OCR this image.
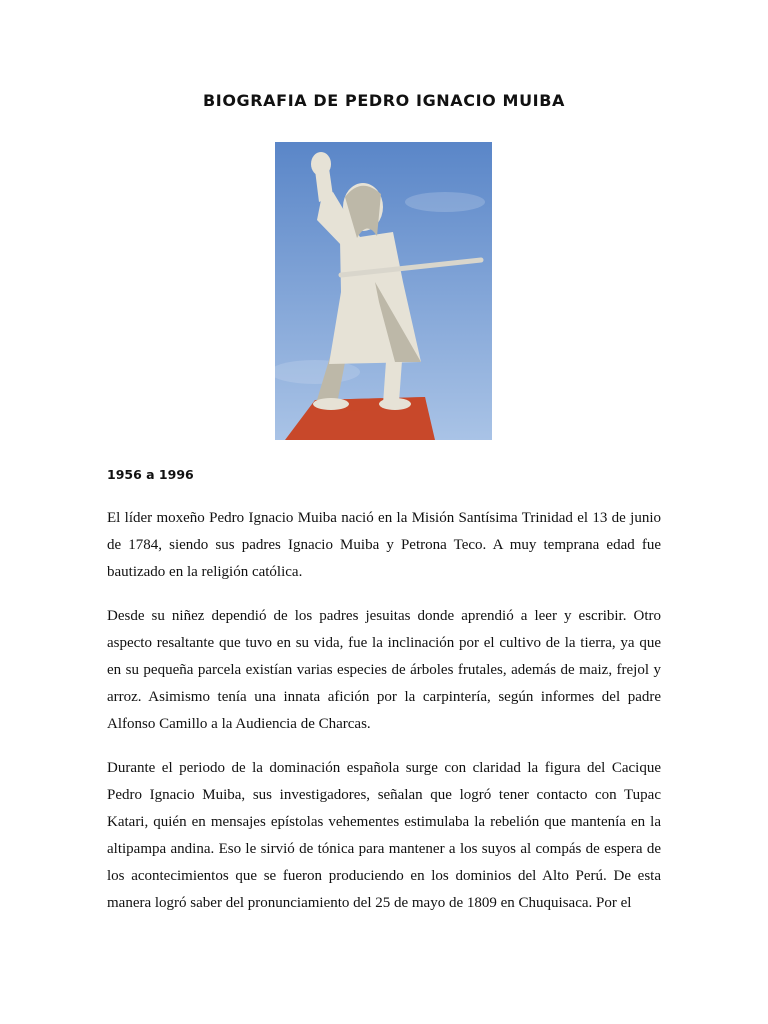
BIOGRAFIA DE PEDRO IGNACIO MUIBA

1956 a 1996

El líder moxeño Pedro Ignacio Muiba nació en la Misión Santísima Trinidad el 13 de junio de 1784, siendo sus padres Ignacio Muiba y Petrona Teco. A muy temprana edad fue bautizado en la religión católica.

Desde su niñez dependió de los padres jesuitas donde aprendió a leer y escribir. Otro aspecto resaltante que tuvo en su vida, fue la inclinación por el cultivo de la tierra, ya que en su pequeña parcela existían varias especies de árboles frutales, además de maiz, frejol y arroz. Asimismo tenía una innata afición por la carpintería, según informes del padre Alfonso Camillo a la Audiencia de Charcas.

Durante el periodo de la dominación española surge con claridad la figura del Cacique Pedro Ignacio Muiba, sus investigadores, señalan que logró tener contacto con Tupac Katari, quién en mensajes epístolas vehementes estimulaba la rebelión que mantenía en la altipampa andina. Eso le sirvió de tónica para mantener a los suyos al compás de espera de los acontecimientos que se fueron produciendo en los dominios del Alto Perú. De esta manera logró saber del pronunciamiento del 25 de mayo de 1809 en Chuquisaca. Por el
